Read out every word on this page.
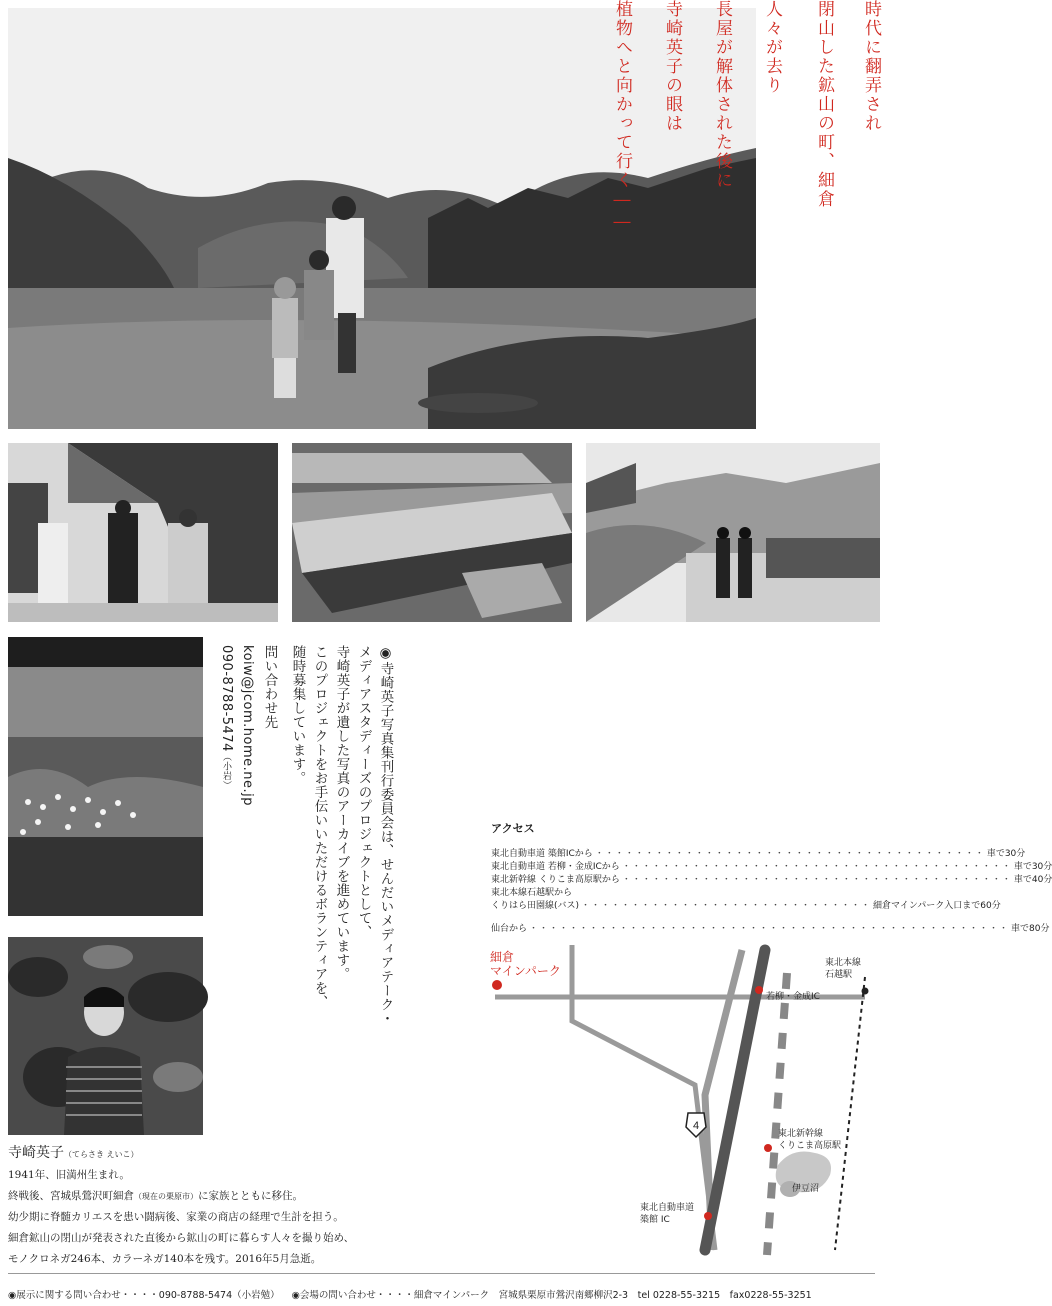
時代に翻弄され
閉山した鉱山の町、細倉
人々が去り
長屋が解体された後に
寺崎英子の眼は
植物へと向かって行く――
問い合わせ先
koiw@jcom.home.ne.jp
090-8788-5474（小岩）	◉寺崎英子写真集刊行委員会は、せんだいメディアテーク・
メディアスタディーズのプロジェクトとして、
寺崎英子が遺した写真のアーカイブを進めています。
このプロジェクトをお手伝いいただけるボランティアを、
随時募集しています。
寺崎英子（てらさき えいこ）
1941年、旧満州生まれ。
終戦後、宮城県鶯沢町細倉（現在の栗原市）に家族とともに移住。
幼少期に脊髄カリエスを患い闘病後、家業の商店の経理で生計を担う。
細倉鉱山の閉山が発表された直後から鉱山の町に暮らす人々を撮り始め、
モノクロネガ246本、カラーネガ140本を残す。2016年5月急逝。
アクセス
東北自動車道 築館ICから ・・・・・・・・・・・・・・・・・・・・・・・・・・・・・・・・・・・・・・・ 車で30分
東北自動車道 若柳・金成ICから ・・・・・・・・・・・・・・・・・・・・・・・・・・・・・・・・・・・・・・・ 車で30分
東北新幹線 くりこま高原駅から ・・・・・・・・・・・・・・・・・・・・・・・・・・・・・・・・・・・・・・・ 車で40分
東北本線石越駅から
くりはら田園線(バス) ・・・・・・・・・・・・・・・・・・・・・・・・・・・・・ 細倉マインパーク入口まで60分
仙台から ・・・・・・・・・・・・・・・・・・・・・・・・・・・・・・・・・・・・・・・・・・・・・・・・ 車で80分
4
細倉
マインパーク
東北本線
石越駅
若柳・金成IC
東北新幹線
くりこま高原駅
伊豆沼
東北自動車道
築館 IC
◉展示に関する問い合わせ・・・・090-8788-5474（小岩勉） ◉会場の問い合わせ・・・・細倉マインパーク　宮城県栗原市鶯沢南郷柳沢2-3　tel 0228-55-3215　fax0228-55-3251
